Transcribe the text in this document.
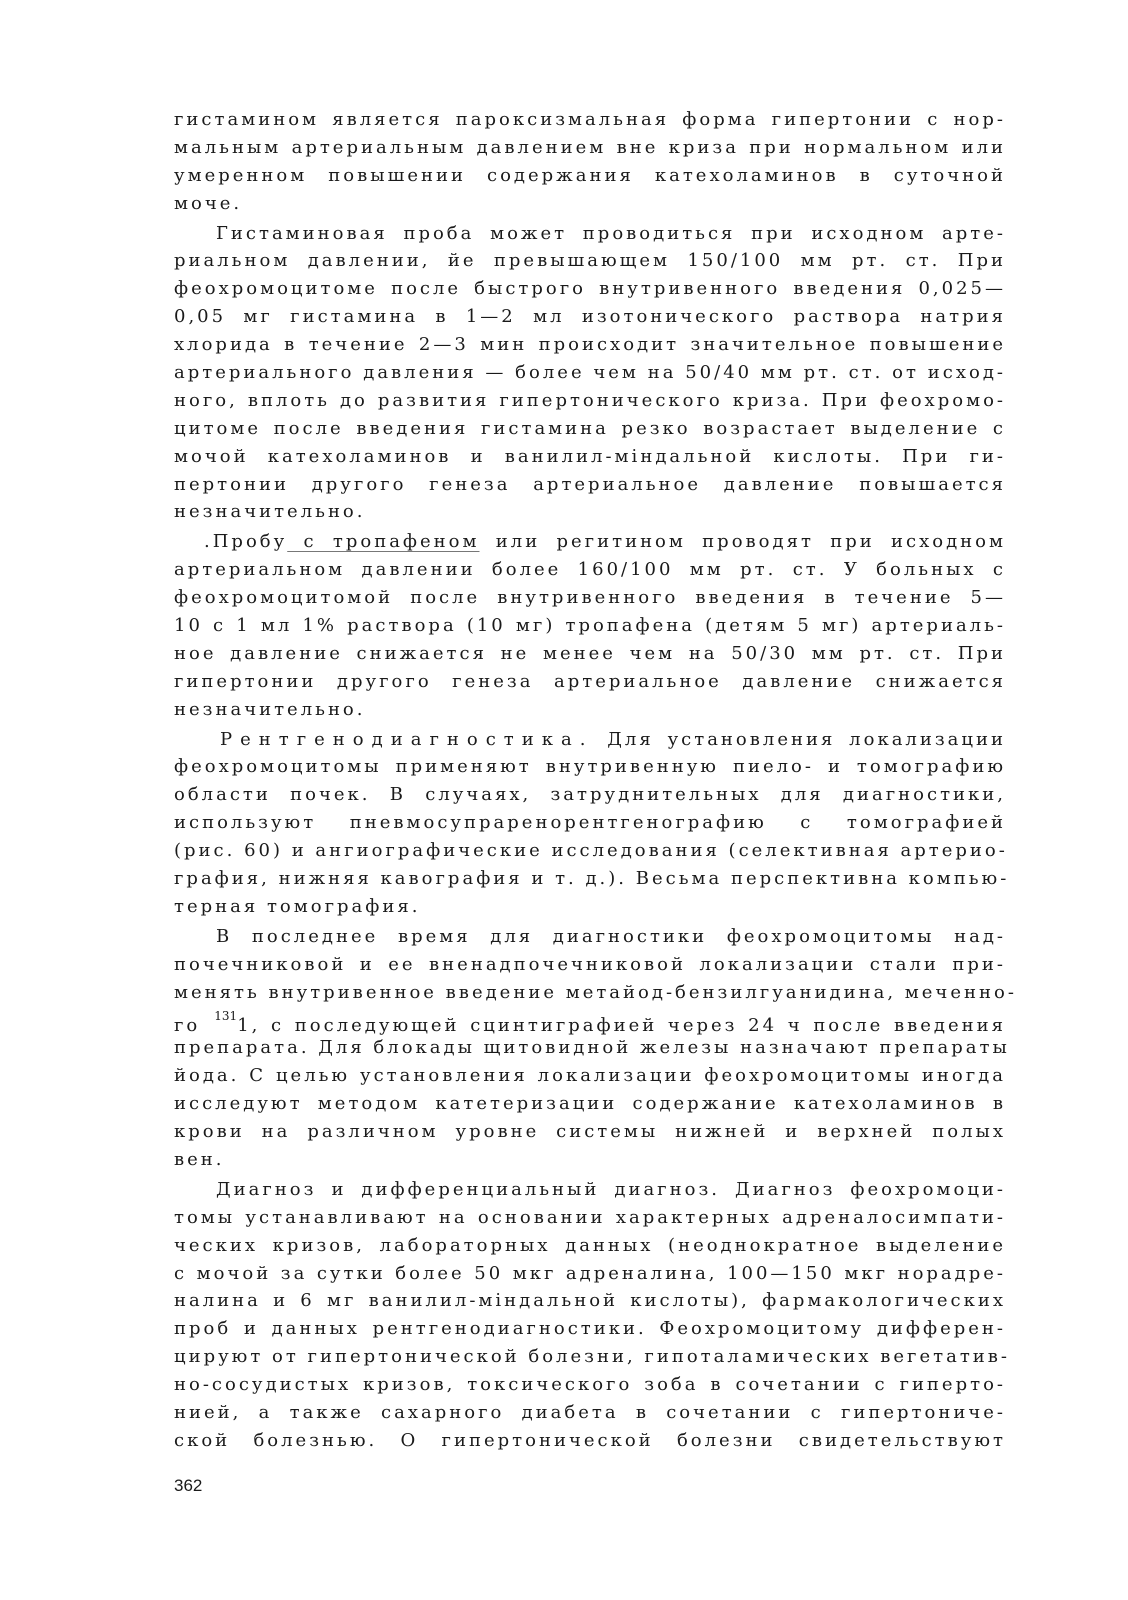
гистамином является пароксизмальная форма гипертонии с нор-
мальным артериальным давлением вне криза при нормальном или
умеренном повышении содержания катехоламинов в суточной
моче.
Гистаминовая проба может проводиться при исходном арте-
риальном давлении, йе превышающем 150/100 мм рт. ст. При
феохромоцитоме после быстрого внутривенного введения 0,025—
0,05 мг гистамина в 1—2 мл изотонического раствора натрия
хлорида в течение 2—3 мин происходит значительное повышение
артериального давления — более чем на 50/40 мм рт. ст. от исход-
ного, вплоть до развития гипертонического криза. При феохромо-
цитоме после введения гистамина резко возрастает выделение с
мочой катехоламинов и ванилил-міндальной кислоты. При ги-
пертонии другого генеза артериальное давление повышается
незначительно.
.Пробу с тропафеном или регитином проводят при исходном
артериальном давлении более 160/100 мм рт. ст. У больных с
феохромоцитомой после внутривенного введения в течение 5—
10 с 1 мл 1% раствора (10 мг) тропафена (детям 5 мг) артериаль-
ное давление снижается не менее чем на 50/30 мм рт. ст. При
гипертонии другого генеза артериальное давление снижается
незначительно.
Рентгенодиагностика. Для установления локализации
феохромоцитомы применяют внутривенную пиело- и томографию
области почек. В случаях, затруднительных для диагностики,
используют пневмосупраренорентгенографию с томографией
(рис. 60) и ангиографические исследования (селективная артерио-
графия, нижняя кавография и т. д.). Весьма перспективна компью-
терная томография.
В последнее время для диагностики феохромоцитомы над-
почечниковой и ее вненадпочечниковой локализации стали при-
менять внутривенное введение метайод-бензилгуанидина, меченно-
го $^{131}$1, с последующей сцинтиграфией через 24 ч после введения
препарата. Для блокады щитовидной железы назначают препараты
йода. С целью установления локализации феохромоцитомы иногда
исследуют методом катетеризации содержание катехоламинов в
крови на различном уровне системы нижней и верхней полых
вен.
Диагноз и дифференциальный диагноз. Диагноз феохромоци-
томы устанавливают на основании характерных адреналосимпати-
ческих кризов, лабораторных данных (неоднократное выделение
с мочой за сутки более 50 мкг адреналина, 100—150 мкг норадре-
налина и 6 мг ванилил-міндальной кислоты), фармакологических
проб и данных рентгенодиагностики. Феохромоцитому дифферен-
цируют от гипертонической болезни, гипоталамических вегетатив-
но-сосудистых кризов, токсического зоба в сочетании с гиперто-
нией, а также сахарного диабета в сочетании с гипертониче-
ской болезнью. О гипертонической болезни свидетельствуют
362
